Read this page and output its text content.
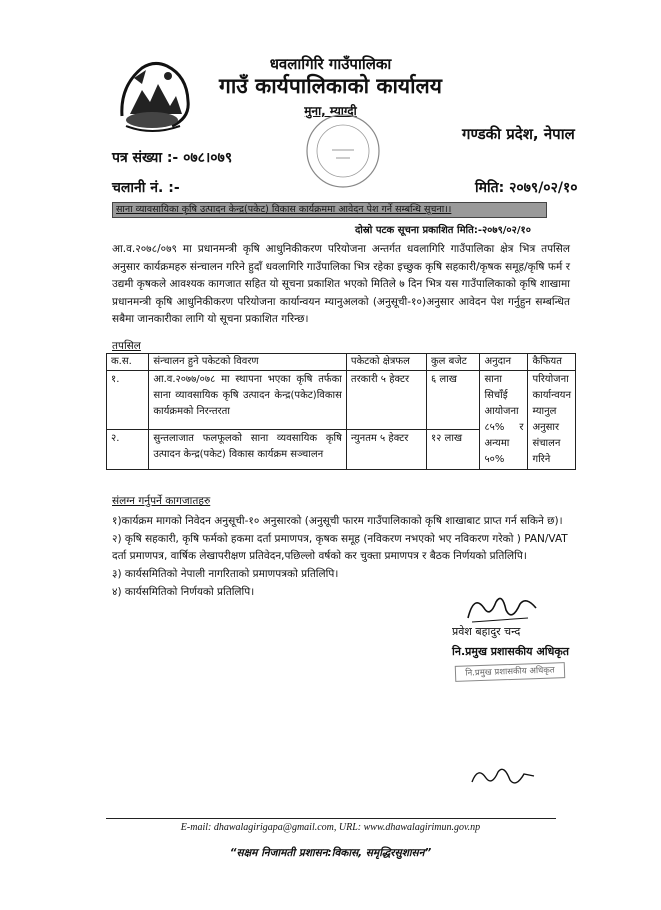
धवलागिरि गाउँपालिका
गाउँ कार्यपालिकाको कार्यालय
मुना, म्याग्दी
गण्डकी प्रदेश, नेपाल
पत्र संख्या :- ०७८।०७९
चलानी नं. :-	मिति: २०७९/०२/१०
साना व्यावसायिका कृषि उत्पादन केन्द्र(पकेट) विकास कार्यक्रममा आवेदन पेश गर्ने सम्बन्धि सूचना।।
दोस्रो पटक सूचना प्रकाशित मिति:-२०७९/०२/१०
आ.व.२०७८/०७९ मा प्रधानमन्त्री कृषि आधुनिकीकरण परियोजना अन्तर्गत धवलागिरि गाउँपालिका क्षेत्र भित्र तपसिल अनुसार कार्यक्रमहरु संन्चालन गरिने हुदाँ धवलागिरि गाउँपालिका भित्र रहेका इच्छुक कृषि सहकारी/कृषक समूह/कृषि फर्म र उद्यमी कृषकले आवश्यक कागजात सहित यो सूचना प्रकाशित भएको मितिले ७ दिन भित्र यस गाउँपालिकाको कृषि शाखामा प्रधानमन्त्री कृषि आधुनिकीकरण परियोजना कार्यान्वयन म्यानुअलको (अनुसूची-१०)अनुसार आवेदन पेश गर्नुहुन सम्बन्धित सबैमा जानकारीका लागि यो सूचना प्रकाशित गरिन्छ।
तपसिल
क.स.	संन्चालन हुने पकेटको विवरण	पकेटको क्षेत्रफल	कुल बजेट	अनुदान	कैफियत
१.	आ.व.२०७७/०७८ मा स्थापना भएका कृषि तर्फका साना व्यावसायिक कृषि उत्पादन केन्द्र(पकेट)विकास कार्यक्रमको निरन्तरता	तरकारी ५ हेक्टर	६ लाख	साना सिचाँई आयोजना ८५% र अन्यमा ५०%	परियोजना कार्यान्वयन म्यानुल अनुसार संचालन गरिने
२.	सुन्तलाजात फलफूलको साना व्यवसायिक कृषि उत्पादन केन्द्र(पकेट) विकास कार्यक्रम सञ्चालन	न्युनतम ५ हेक्टर	१२ लाख		
संलग्न गर्नुपर्ने कागजातहरु

१)कार्यक्रम मागको निवेदन अनुसूची-१० अनुसारको (अनुसूची फारम गाउँपालिकाको कृषि शाखाबाट प्राप्त गर्न सकिने छ)।

२) कृषि सहकारी, कृषि फर्मको हकमा दर्ता प्रमाणपत्र, कृषक समूह (नविकरण नभएको भए नविकरण गरेको ) PAN/VAT दर्ता प्रमाणपत्र, वार्षिक लेखापरीक्षण प्रतिवेदन,पछिल्लो वर्षको कर चुक्ता प्रमाणपत्र र बैठक निर्णयको प्रतिलिपि।

३) कार्यसमितिको नेपाली नागरिताको प्रमाणपत्रको प्रतिलिपि।

४) कार्यसमितिको निर्णयको प्रतिलिपि।

प्रवेश बहादुर चन्द
नि.प्रमुख प्रशासकीय अधिकृत
नि.प्रमुख प्रशासकीय अधिकृत
E-mail: dhawalagirigapa@gmail.com, URL: www.dhawalagirimun.gov.np
“सक्षम निजामती प्रशासन:विकास, समृद्धिरसुशासन”
